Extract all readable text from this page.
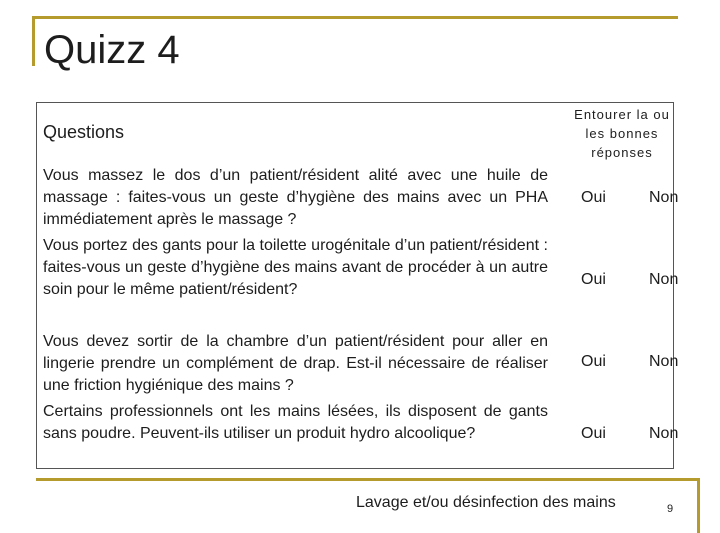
Quizz 4
Questions
Entourer la ou les bonnes réponses
Vous massez le dos d’un patient/résident alité avec une huile de massage : faites-vous un geste d’hygiène des mains avec un PHA immédiatement après le massage ?
Oui	Non
Vous portez des gants pour la toilette urogénitale d’un patient/résident : faites-vous un geste d’hygiène des mains avant de procéder à un autre soin pour le même patient/résident?
Oui	Non
Vous devez sortir de la chambre d’un patient/résident pour aller en lingerie prendre un complément de drap. Est-il nécessaire de réaliser une friction hygiénique des mains ?
Oui	Non
Certains professionnels ont les mains lésées, ils disposent de gants sans poudre. Peuvent-ils utiliser un produit hydro alcoolique?	Oui	Non
Lavage et/ou désinfection des mains	9
